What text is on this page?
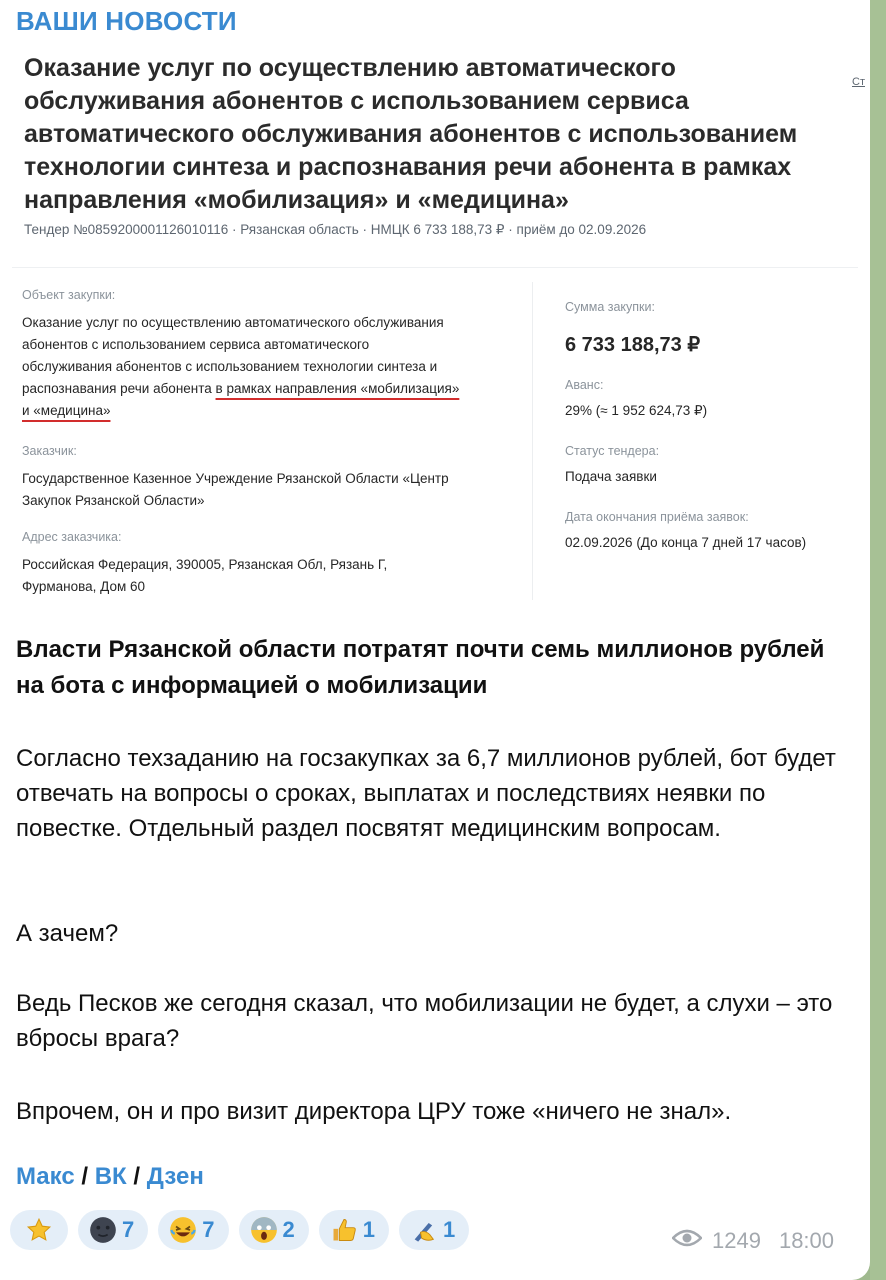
ВАШИ НОВОСТИ
Оказание услуг по осуществлению автоматического обслуживания абонентов с использованием сервиса автоматического обслуживания абонентов с использованием технологии синтеза и распознавания речи абонента в рамках направления «мобилизация» и «медицина»
Тендер №0859200001126010116 · Рязанская область · НМЦК 6 733 188,73 ₽ · приём до 02.09.2026
Ст
Объект закупки:
Оказание услуг по осуществлению автоматического обслуживания
абонентов с использованием сервиса автоматического
обслуживания абонентов с использованием технологии синтеза и
распознавания речи абонента в рамках направления «мобилизация»
и «медицина»
Заказчик:
Государственное Казенное Учреждение Рязанской Области «Центр
Закупок Рязанской Области»
Адрес заказчика:
Российская Федерация, 390005, Рязанская Обл, Рязань Г,
Фурманова, Дом 60
Сумма закупки:
6 733 188,73 ₽
Аванс:
29% (≈ 1 952 624,73 ₽)
Статус тендера:
Подача заявки
Дата окончания приёма заявок:
02.09.2026 (До конца 7 дней 17 часов)
Власти Рязанской области потратят почти семь миллионов рублей на бота с информацией о мобилизации
Согласно техзаданию на госзакупках за 6,7 миллионов рублей, бот будет отвечать на вопросы о сроках, выплатах и последствиях неявки по повестке. Отдельный раздел посвятят медицинским вопросам.
А зачем?
Ведь Песков же сегодня сказал, что мобилизации не будет, а слухи – это вбросы врага?
Впрочем, он и про визит директора ЦРУ тоже «ничего не знал».
Макс / ВК / Дзен
7	7	2	1	1	1249 18:00
